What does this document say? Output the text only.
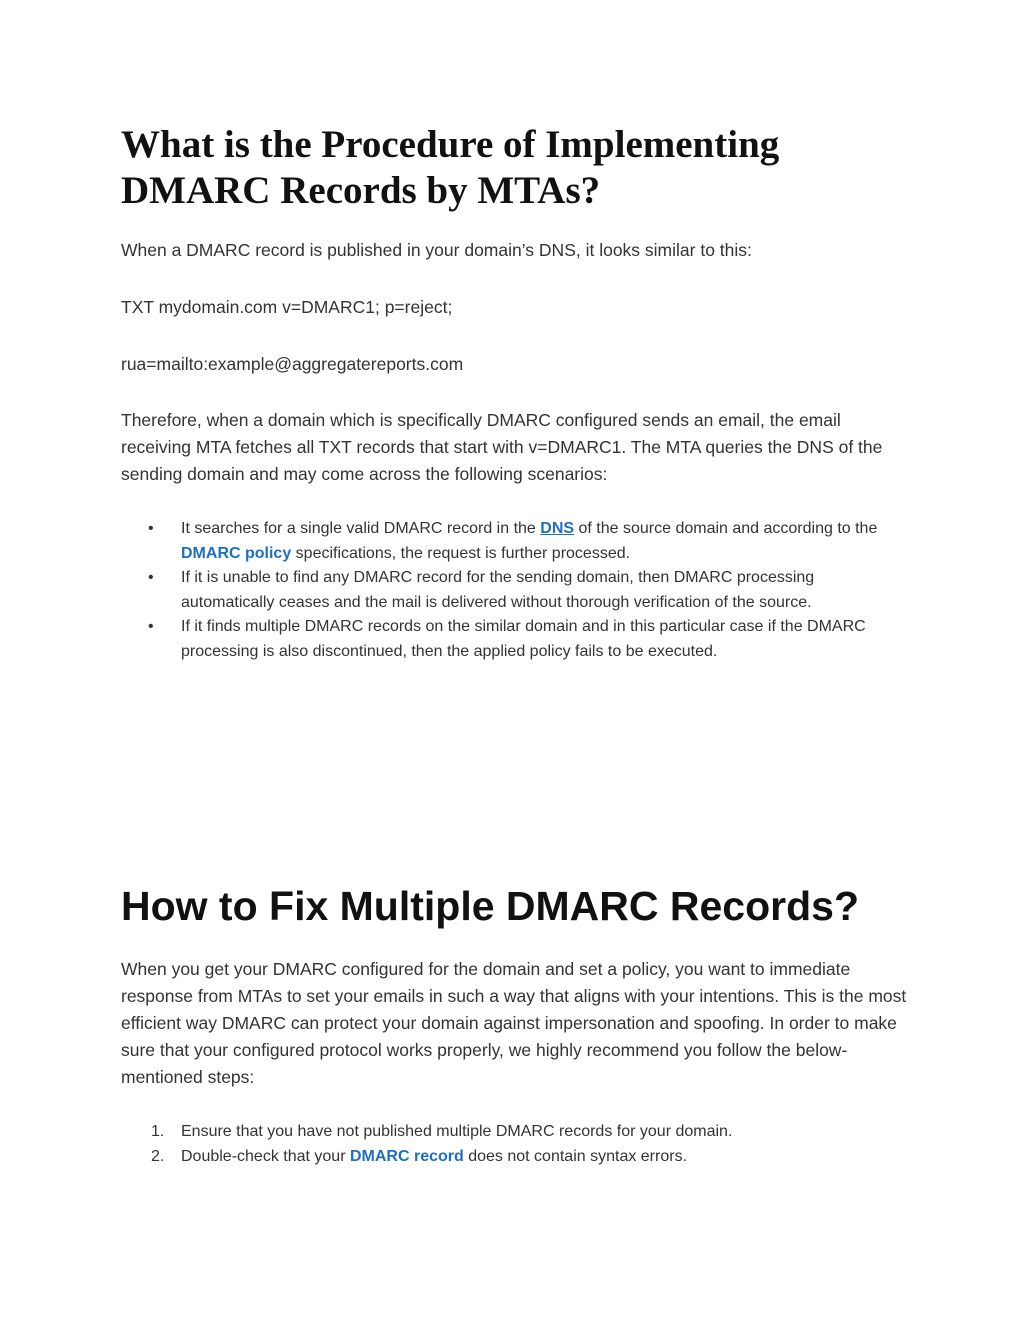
What is the Procedure of Implementing DMARC Records by MTAs?

When a DMARC record is published in your domain’s DNS, it looks similar to this:

TXT mydomain.com v=DMARC1; p=reject;

rua=mailto:example@aggregatereports.com

Therefore, when a domain which is specifically DMARC configured sends an email, the email receiving MTA fetches all TXT records that start with v=DMARC1. The MTA queries the DNS of the sending domain and may come across the following scenarios:

• It searches for a single valid DMARC record in the DNS of the source domain and according to the DMARC policy specifications, the request is further processed.
• If it is unable to find any DMARC record for the sending domain, then DMARC processing automatically ceases and the mail is delivered without thorough verification of the source.
• If it finds multiple DMARC records on the similar domain and in this particular case if the DMARC processing is also discontinued, then the applied policy fails to be executed.
How to Fix Multiple DMARC Records?

When you get your DMARC configured for the domain and set a policy, you want to immediate response from MTAs to set your emails in such a way that aligns with your intentions. This is the most efficient way DMARC can protect your domain against impersonation and spoofing. In order to make sure that your configured protocol works properly, we highly recommend you follow the below-mentioned steps:

1. Ensure that you have not published multiple DMARC records for your domain.
2. Double-check that your DMARC record does not contain syntax errors.
